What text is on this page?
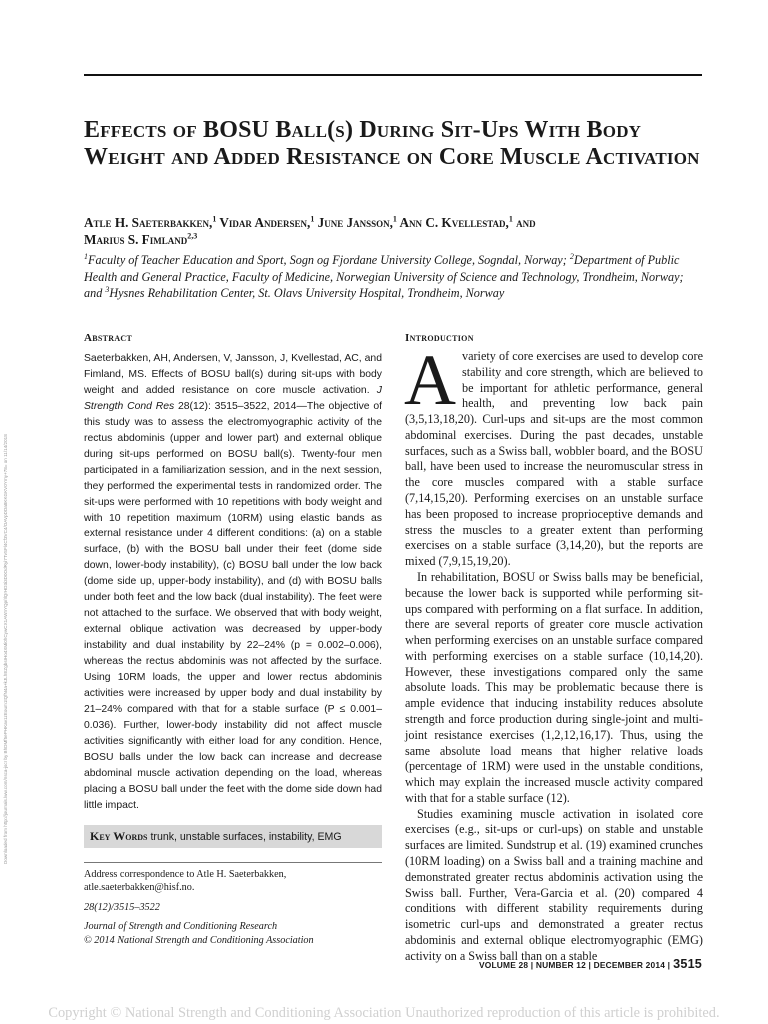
Effects of BOSU Ball(s) During Sit-Ups With Body Weight and Added Resistance on Core Muscle Activation
Atle H. Saeterbakken,$^1$ Vidar Andersen,$^1$ June Jansson,$^1$ Ann C. Kvellestad,$^1$ and
Marius S. Fimland$^{2,3}$
$^1$Faculty of Teacher Education and Sport, Sogn og Fjordane University College, Sogndal, Norway; $^2$Department of Public Health and General Practice, Faculty of Medicine, Norwegian University of Science and Technology, Trondheim, Norway; and $^3$Hysnes Rehabilitation Center, St. Olavs University Hospital, Trondheim, Norway
Downloaded from http://journals.lww.com/nsca-jscr by BhDMf5ePHKav1zEoum1tQfN4a+kJLhEZgbsIHo4XMi0hCywCX1AWnYQp/IlQrHD3i3D0OdRyi7TvSFl4Cf3VC4/OAVpDDa8KKGKV0Ymy+78= on 11/14/2018
Abstract
Saeterbakken, AH, Andersen, V, Jansson, J, Kvellestad, AC, and Fimland, MS. Effects of BOSU ball(s) during sit-ups with body weight and added resistance on core muscle activation. J Strength Cond Res 28(12): 3515–3522, 2014—The objective of this study was to assess the electromyographic activity of the rectus abdominis (upper and lower part) and external oblique during sit-ups performed on BOSU ball(s). Twenty-four men participated in a familiarization session, and in the next session, they performed the experimental tests in randomized order. The sit-ups were performed with 10 repetitions with body weight and with 10 repetition maximum (10RM) using elastic bands as external resistance under 4 different conditions: (a) on a stable surface, (b) with the BOSU ball under their feet (dome side down, lower-body instability), (c) BOSU ball under the low back (dome side up, upper-body instability), and (d) with BOSU balls under both feet and the low back (dual instability). The feet were not attached to the surface. We observed that with body weight, external oblique activation was decreased by upper-body instability and dual instability by 22–24% (p = 0.002–0.006), whereas the rectus abdominis was not affected by the surface. Using 10RM loads, the upper and lower rectus abdominis activities were increased by upper body and dual instability by 21–24% compared with that for a stable surface (P ≤ 0.001–0.036). Further, lower-body instability did not affect muscle activities significantly with either load for any condition. Hence, BOSU balls under the low back can increase and decrease abdominal muscle activation depending on the load, whereas placing a BOSU ball under the feet with the dome side down had little impact.
Key Words trunk, unstable surfaces, instability, EMG

Address correspondence to Atle H. Saeterbakken, atle.saeterbakken@hisf.no.

28(12)/3515–3522

Journal of Strength and Conditioning Research
© 2014 National Strength and Conditioning Association

Introduction

Avariety of core exercises are used to develop core stability and core strength, which are believed to be important for athletic performance, general health, and preventing low back pain (3,5,13,18,20). Curl-ups and sit-ups are the most common abdominal exercises. During the past decades, unstable surfaces, such as a Swiss ball, wobbler board, and the BOSU ball, have been used to increase the neuromuscular stress in the core muscles compared with a stable surface (7,14,15,20). Performing exercises on an unstable surface has been proposed to increase proprioceptive demands and stress the muscles to a greater extent than performing exercises on a stable surface (3,14,20), but the reports are mixed (7,9,15,19,20).

In rehabilitation, BOSU or Swiss balls may be beneficial, because the lower back is supported while performing sit-ups compared with performing on a flat surface. In addition, there are several reports of greater core muscle activation when performing exercises on an unstable surface compared with performing exercises on a stable surface (10,14,20). However, these investigations compared only the same absolute loads. This may be problematic because there is ample evidence that inducing instability reduces absolute strength and force production during single-joint and multi-joint resistance exercises (1,2,12,16,17). Thus, using the same absolute load means that higher relative loads (percentage of 1RM) were used in the unstable conditions, which may explain the increased muscle activity compared with that for a stable surface (12).

Studies examining muscle activation in isolated core exercises (e.g., sit-ups or curl-ups) on stable and unstable surfaces are limited. Sundstrup et al. (19) examined crunches (10RM loading) on a Swiss ball and a training machine and demonstrated greater rectus abdominis activation using the Swiss ball. Further, Vera-Garcia et al. (20) compared 4 conditions with different stability requirements during isometric curl-ups and demonstrated a greater rectus abdominis and external oblique electromyographic (EMG) activity on a Swiss ball than on a stable

VOLUME 28 | NUMBER 12 | DECEMBER 2014 | 3515
Copyright © National Strength and Conditioning Association Unauthorized reproduction of this article is prohibited.
